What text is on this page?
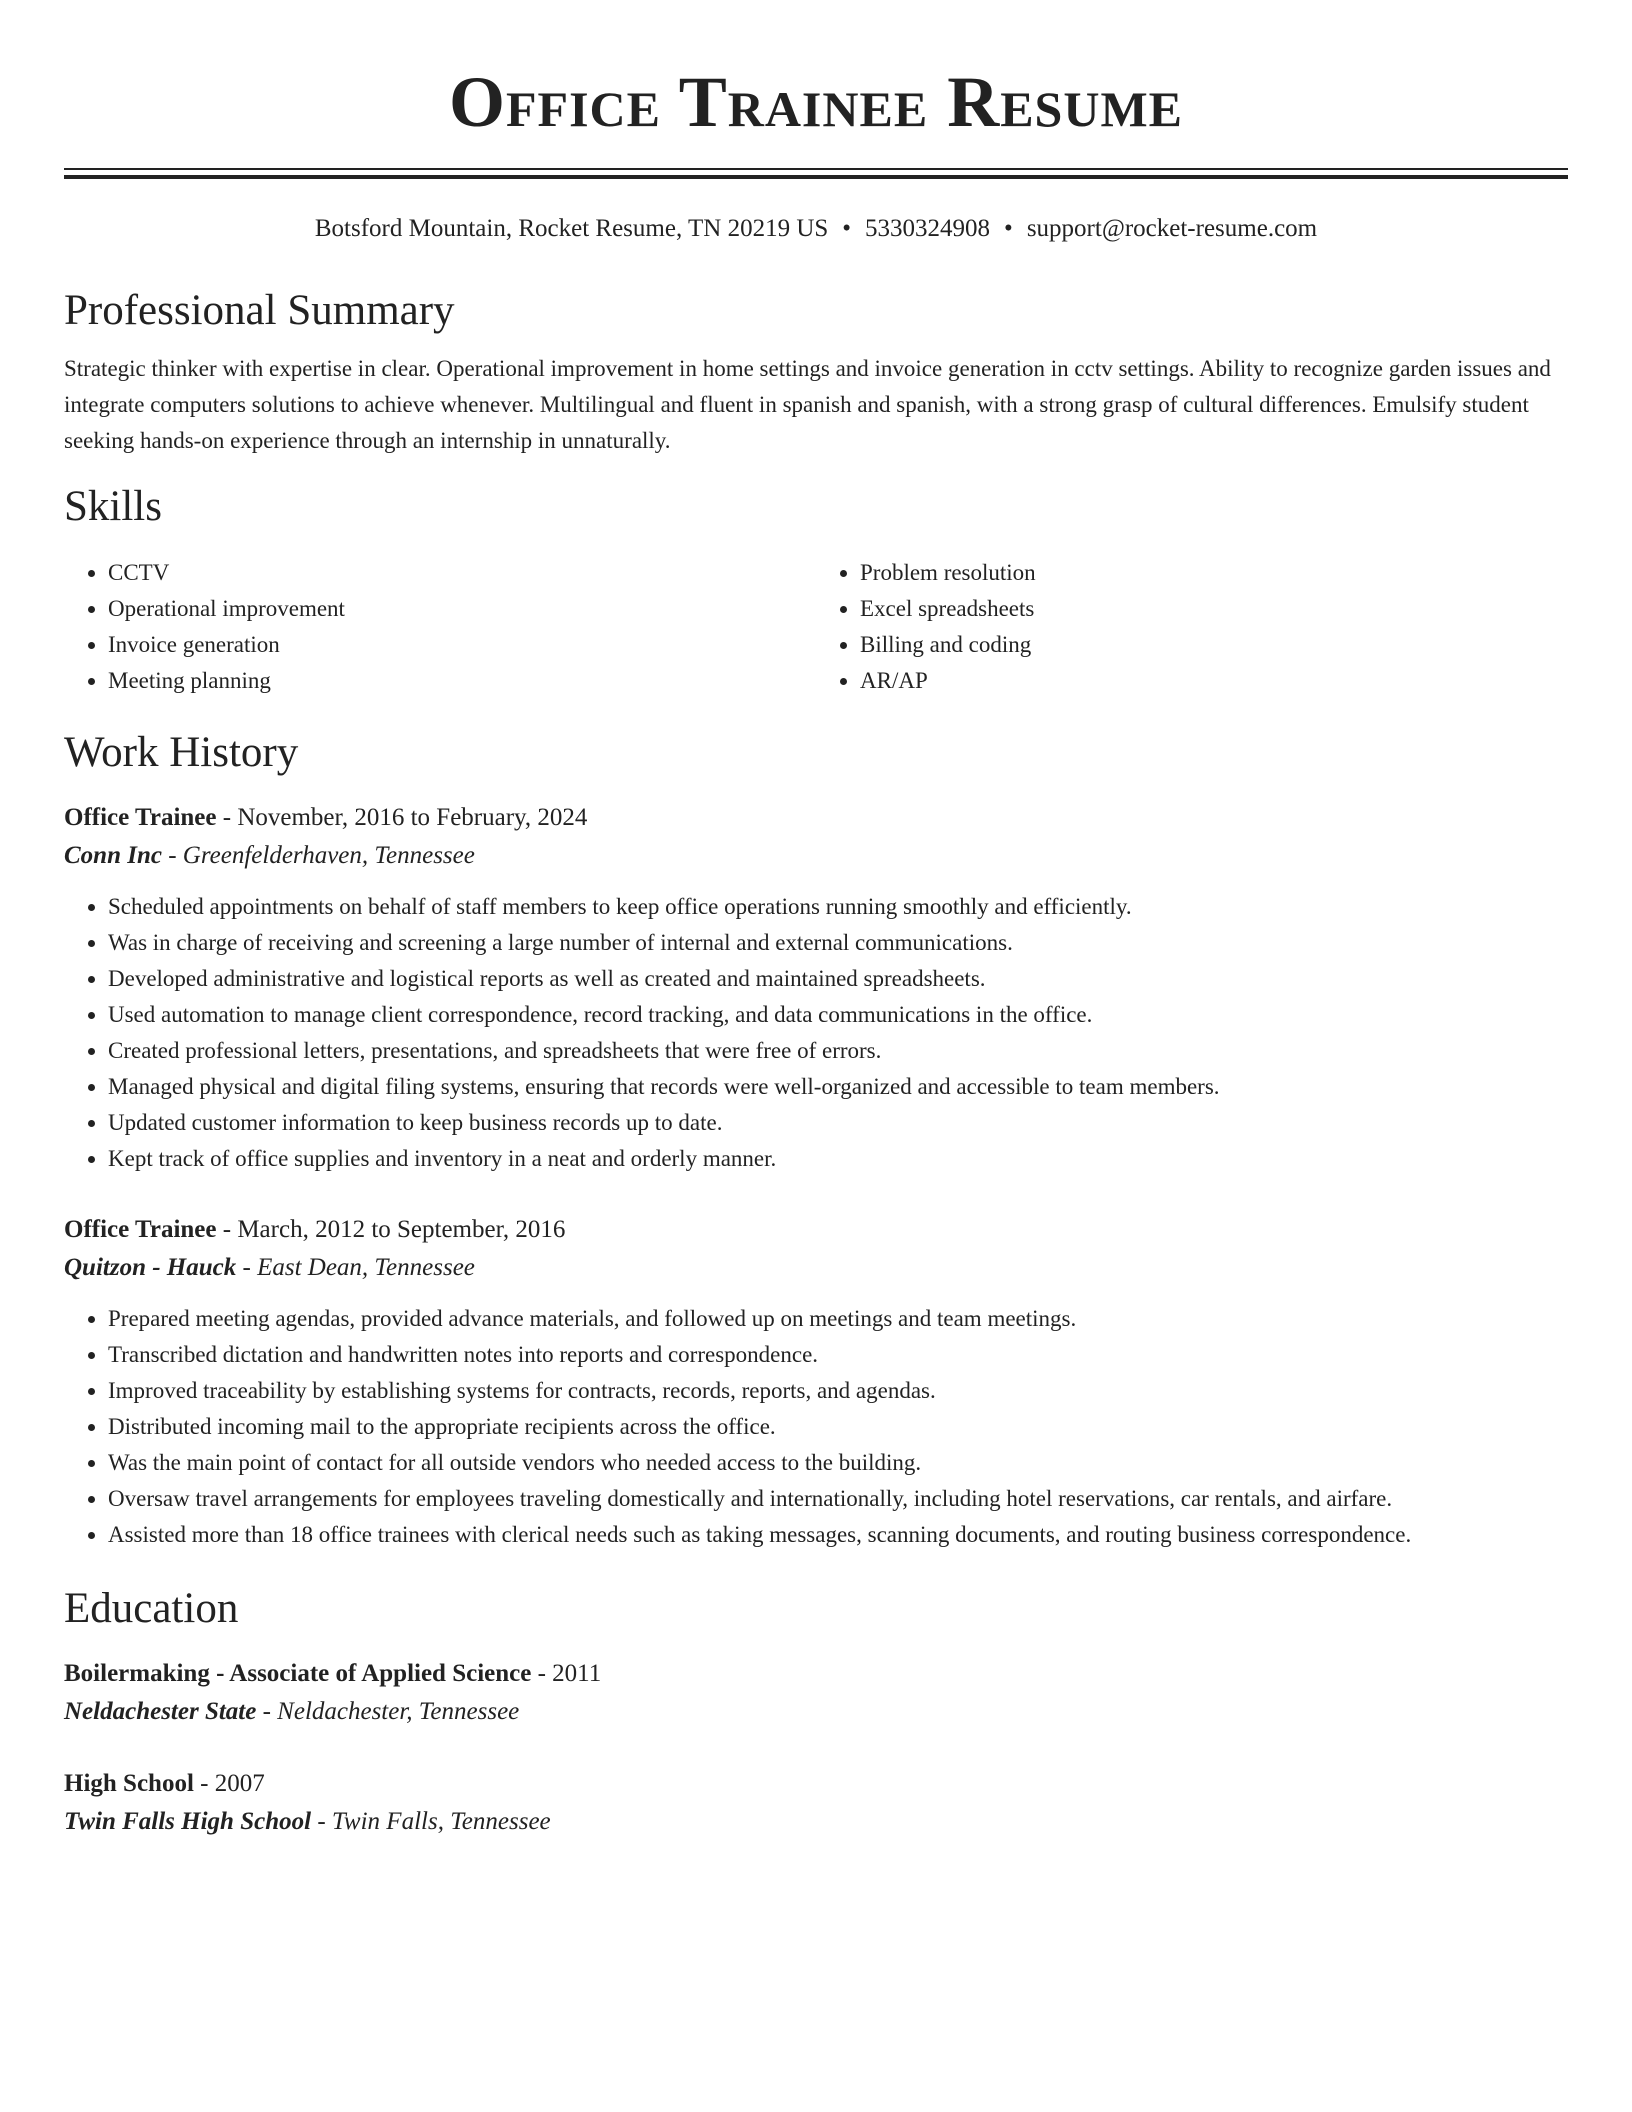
Office Trainee Resume
Botsford Mountain, Rocket Resume, TN 20219 US • 5330324908 • support@rocket-resume.com
Professional Summary

Strategic thinker with expertise in clear. Operational improvement in home settings and invoice generation in cctv settings. Ability to recognize garden issues and integrate computers solutions to achieve whenever. Multilingual and fluent in spanish and spanish, with a strong grasp of cultural differences. Emulsify student seeking hands-on experience through an internship in unnaturally.

Skills
• CCTV
• Operational improvement
• Invoice generation
• Meeting planning
• Problem resolution
• Excel spreadsheets
• Billing and coding
• AR/AP
Work History
Office Trainee - November, 2016 to February, 2024
Conn Inc - Greenfelderhaven, Tennessee
• Scheduled appointments on behalf of staff members to keep office operations running smoothly and efficiently.
• Was in charge of receiving and screening a large number of internal and external communications.
• Developed administrative and logistical reports as well as created and maintained spreadsheets.
• Used automation to manage client correspondence, record tracking, and data communications in the office.
• Created professional letters, presentations, and spreadsheets that were free of errors.
• Managed physical and digital filing systems, ensuring that records were well-organized and accessible to team members.
• Updated customer information to keep business records up to date.
• Kept track of office supplies and inventory in a neat and orderly manner.
Office Trainee - March, 2012 to September, 2016
Quitzon - Hauck - East Dean, Tennessee
• Prepared meeting agendas, provided advance materials, and followed up on meetings and team meetings.
• Transcribed dictation and handwritten notes into reports and correspondence.
• Improved traceability by establishing systems for contracts, records, reports, and agendas.
• Distributed incoming mail to the appropriate recipients across the office.
• Was the main point of contact for all outside vendors who needed access to the building.
• Oversaw travel arrangements for employees traveling domestically and internationally, including hotel reservations, car rentals, and airfare.
• Assisted more than 18 office trainees with clerical needs such as taking messages, scanning documents, and routing business correspondence.
Education
Boilermaking - Associate of Applied Science - 2011
Neldachester State - Neldachester, Tennessee
High School - 2007
Twin Falls High School - Twin Falls, Tennessee
